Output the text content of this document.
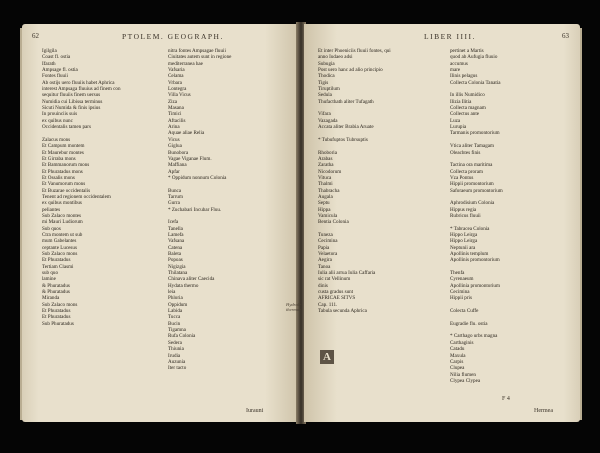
62	PTOLEM. GEOGRAPH.
Igilgila
Coast fl. ostia
Ifarath
Ampsage fl. ostia
Fontes fluuii
Ab ostijs uero fluuiis habet Aphrica
interest Ampsaga fluuius ad finem con
sequitur fluuiis finem uersus
Numidia cui Libissa terminus
Sicuti Numida & finis ipsius
In prouinciis suis
ex quibus nunc
Occidentalis tamen pars
Zalacus mons
Et Campum montem
Et Maurebur montes
Et Girraba mons
Et Bammanorum mons
Et Phuratadus mons
Et Ossalis mons
Et Vanumorum mons
Et Buzarae occidentalis
Tenent ad regionem occidentalem
ex quibus montibus
peliantes
Sub Zalaco montes
mi Mauri Ludiorum
Sub quos
Ctra montem ut sub
mum Gabelantes
ceptante Lucesus
Sub Zalaco mons
Et Phuratadus
Tertiam Clasmi
sub quo
lamine
& Phuratadus
& Phuratadus
Miranda
Sub Zalaco mons
Et Phuratadus
Et Phuratadus
Sub Phuratadus
nitra fontes Ampsagae fluuii
Ciuitates autem sunt in regione
mediterranea hae
Vafsaria
Celama
Vrbara
Lontegra
Villa Vicus
Ziza
Masana
Timici
Aftacilis
Arina
Aquae aliae Relia
Vicus
Giglua
Bunobora
Vagae Viganae Flum.
Maffiana
Apfar
* Oppidum nonnum Colonia
Bunca
Tarrum
Gurra
* Zuchabari Incubar Fluu.
Icefa
Tanella
Lamefa
Vafsana
Catena
Baleta
Popoas
Nigizgia
Thilatana
Chinava aliter Caecida
Hydata thermo
leia
Phloria
Oppidum
Labida
Tucca
Bucin
Tigamna
Rufa Colonia
Sedera
Thiunia
Irudia
Auzunia
Iter tacto
Iurauni
LIBER IIII.	63
Et inter Phoeniciis fluuii fontes, qui
anno Iudaeo adsi
Subugia
Post uero hanc ad alio principio
Thodica
Tigis
Tiruptilum
Sedula
Thufacthath aliter Tufagath
Vifara
Vazagada
Accata aliter Brabia Aruate
* Tubufuptos Tubrsuptis
Rhoboria
Arabas
Zaratha
Nicodorum
Vituca
Thalmi
Thabracha
Augala
Septu
Hippa
Vamicula
Bentia Colonia
Tuneza
Cecimina
Papia
Velaetora
Aegira
Tanoa
Iulia alii arrua Iulia Caffaria
sic rat Vellinum
dinis
custa gradus sunt
AFRICAE SITVS
Cap. 111.
Tabula secunda Aphrica
pertinet a Martis
quod ab Aufugia fluuio
accumus
mare
Ilinis pelagus
Collecta Colonia Tanatia
In illis Numidico
Ilizia Ilitia
Collecta magnam
Collectus ante
Luza
Lurupia
Tarmanis promontorium
Vtica aliter Tamagam
Oleachtes finis
Tactina ora maritima
Collecta proram
Vza Pontus
Hippii promontorium
Saforaeum promontorium
Aphrodisium Colonia
Hippus regia
Rubricus fluuii
* Tabracea Colonia
Hippo Leirga
Hippo Leirga
Neptunii ara
Apollinis templum
Apollinis promontorium
Thenfa
Cyrenaeum
Apollinia promontorium
Cecimina
Hippii pris
Colecta Cuffe
Eugradie flu. ostia
* Carthago urbs magna
Carthaginis
Catadu
Maxula
Carpis
Clupea
Nilia flumen
Clypea Clypea
A
F 4
Hermea
Hydrale thermae
